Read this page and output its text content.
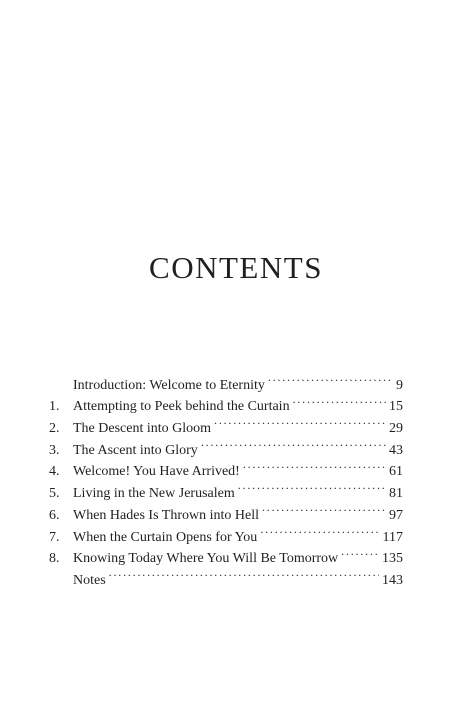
CONTENTS
Introduction: Welcome to Eternity . . .	9
1. Attempting to Peek behind the Curtain . . .	15
2. The Descent into Gloom . . .	29
3. The Ascent into Glory . . .	43
4. Welcome! You Have Arrived! . . .	61
5. Living in the New Jerusalem . . .	81
6. When Hades Is Thrown into Hell . . .	97
7. When the Curtain Opens for You . . .	117
8. Knowing Today Where You Will Be Tomorrow . . .	135
Notes . . .	143
